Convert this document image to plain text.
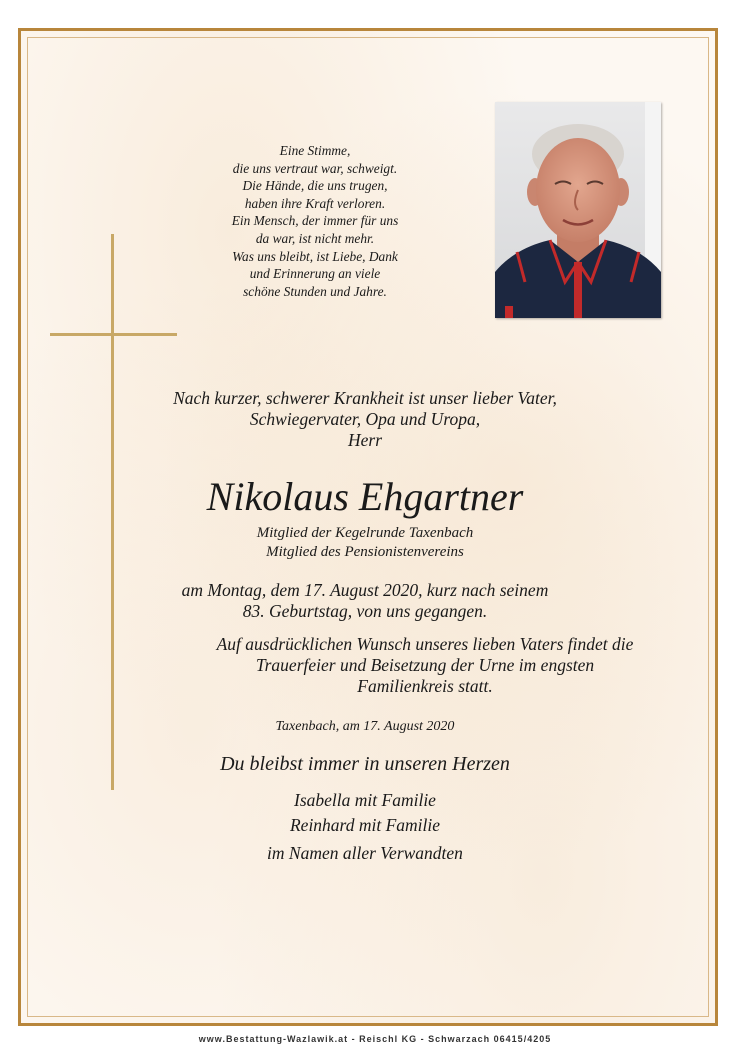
Eine Stimme,
die uns vertraut war, schweigt.
Die Hände, die uns trugen,
haben ihre Kraft verloren.
Ein Mensch, der immer für uns
da war, ist nicht mehr.
Was uns bleibt, ist Liebe, Dank
und Erinnerung an viele
schöne Stunden und Jahre.
Nach kurzer, schwerer Krankheit ist unser lieber Vater,
Schwiegervater, Opa und Uropa,
Herr
Nikolaus Ehgartner
Mitglied der Kegelrunde Taxenbach
Mitglied des Pensionistenvereins
am Montag, dem 17. August 2020, kurz nach seinem
83. Geburtstag, von uns gegangen.
Auf ausdrücklichen Wunsch unseres lieben Vaters findet die
Trauerfeier und Beisetzung der Urne im engsten
Familienkreis statt.
Taxenbach, am 17. August 2020
Du bleibst immer in unseren Herzen
Isabella mit Familie
Reinhard mit Familie
im Namen aller Verwandten
www.Bestattung-Wazlawik.at - Reischl KG - Schwarzach 06415/4205
